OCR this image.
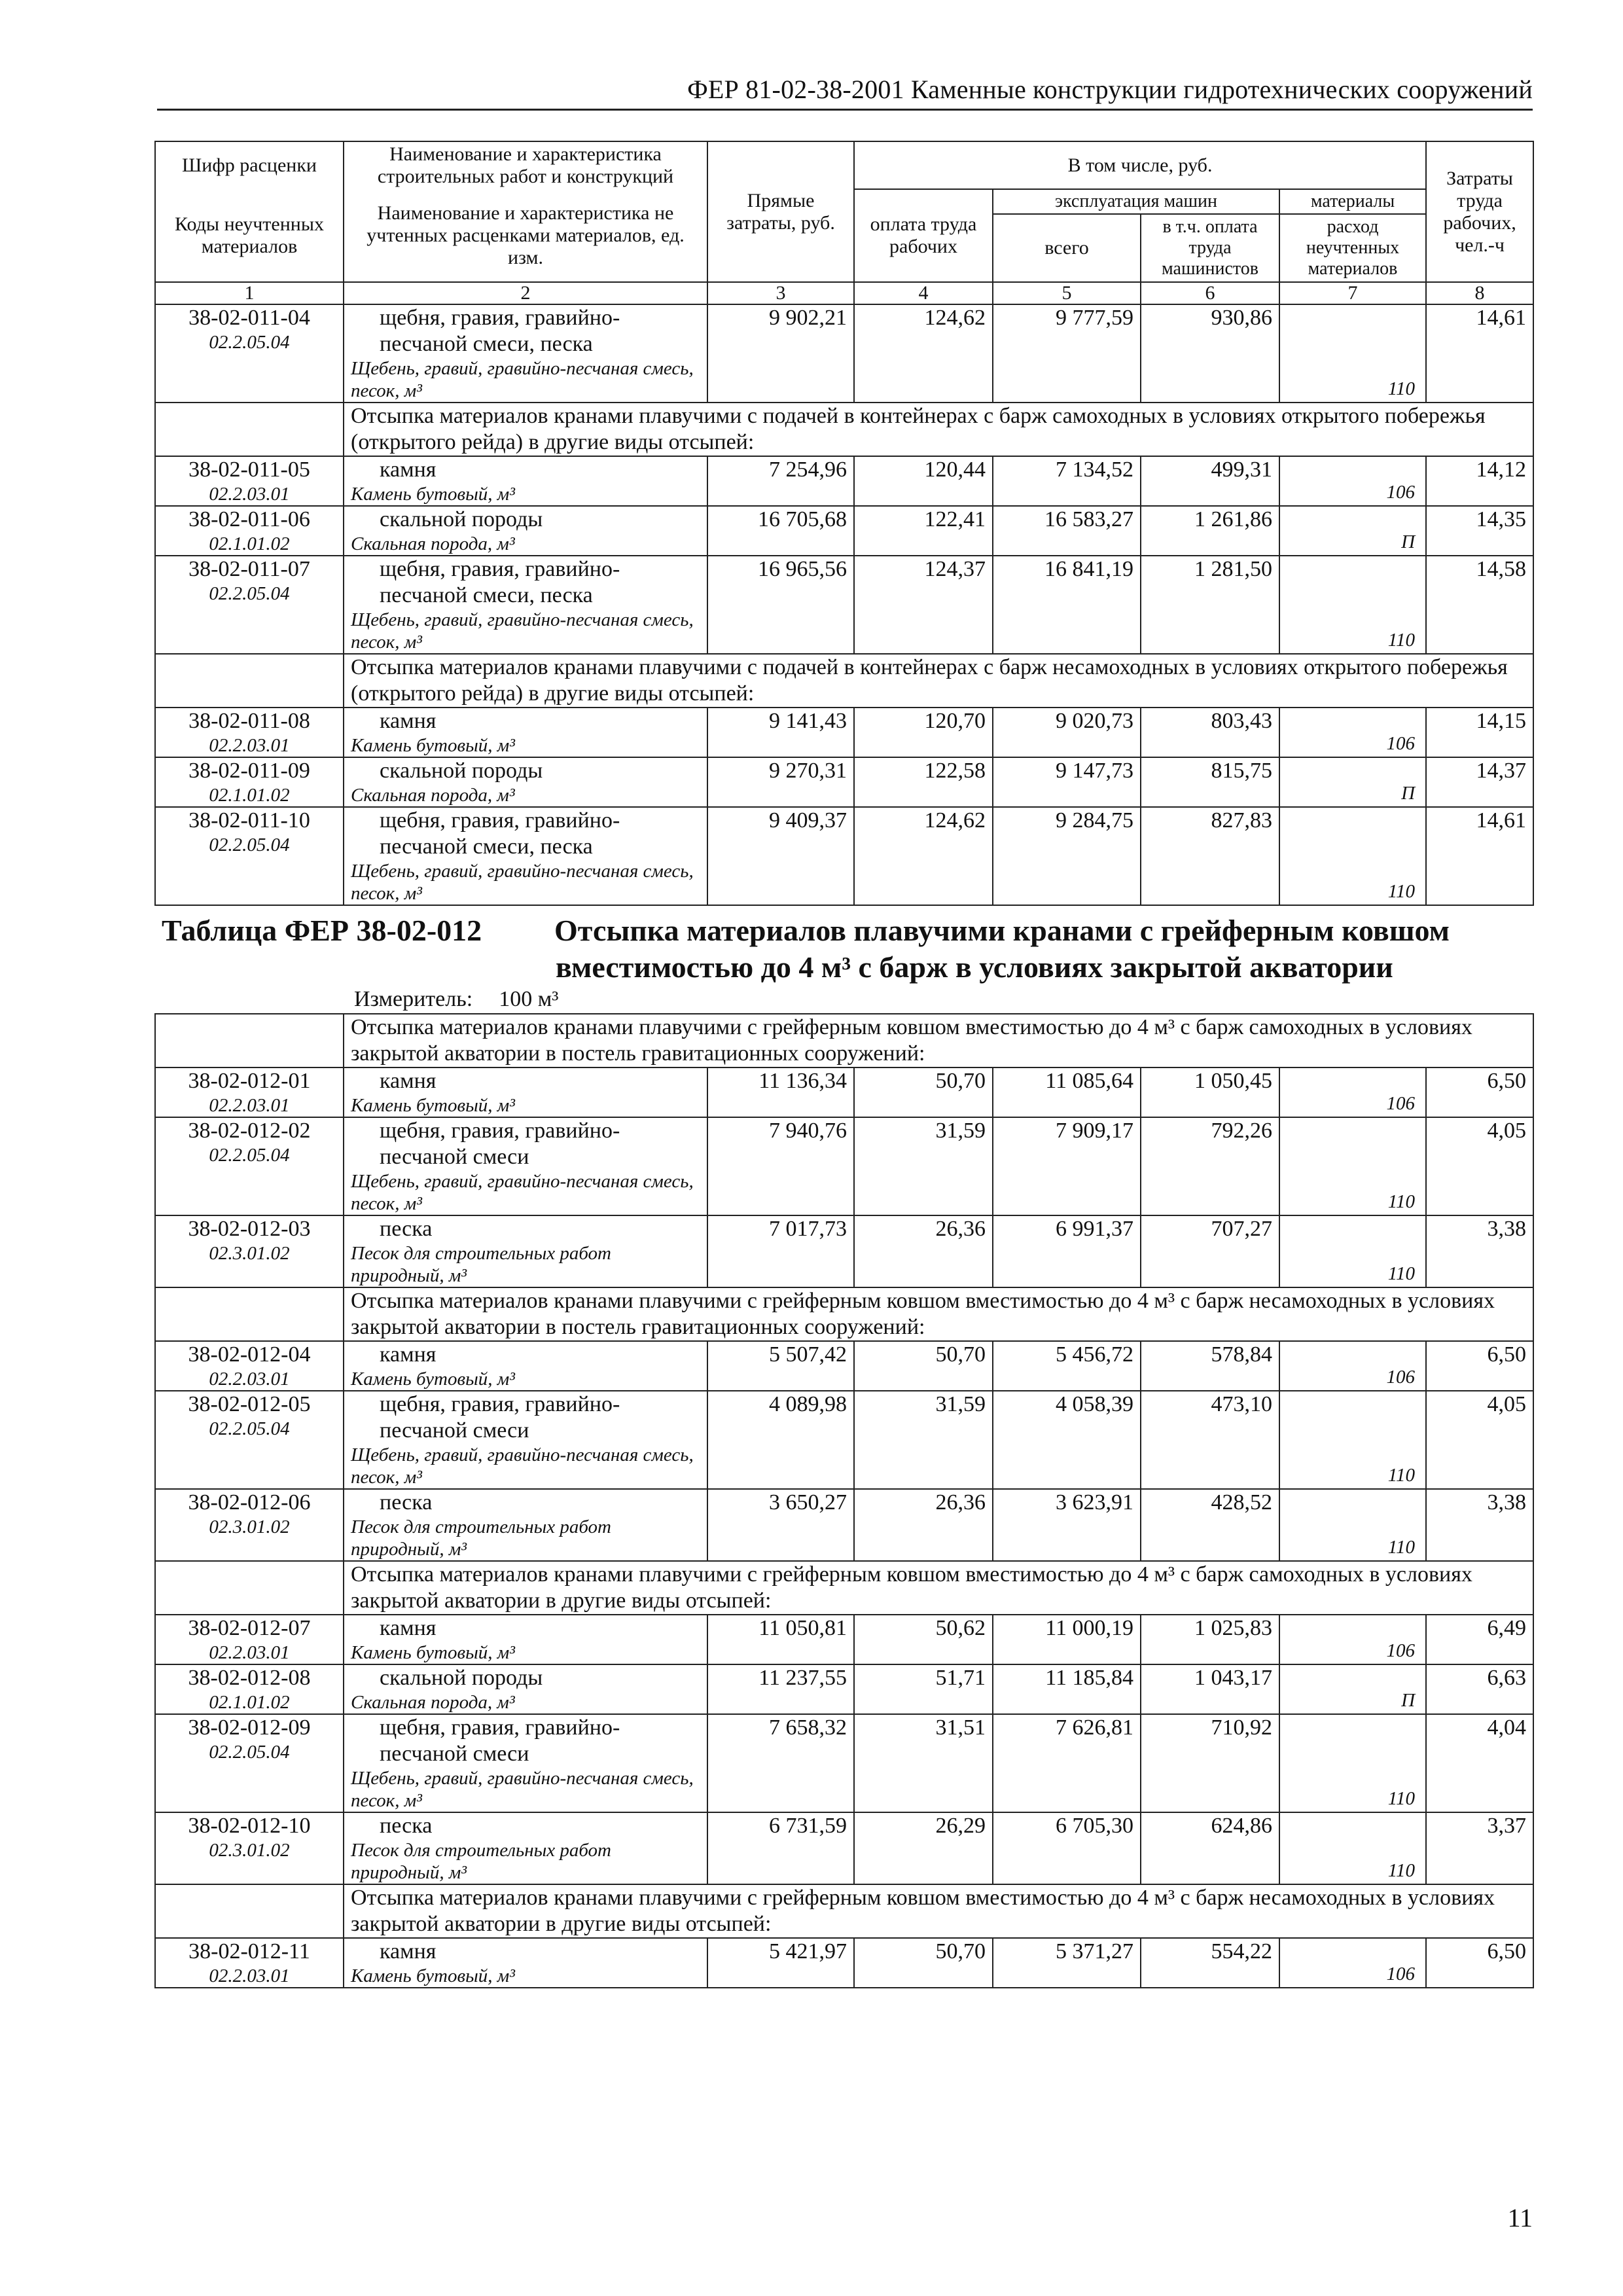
ФЕР 81-02-38-2001 Каменные конструкции гидротехнических сооружений
Шифр расценки	Наименование и характеристика строительных работ и конструкций	Прямые затраты, руб.	В том числе, руб.				Затраты труда рабочих, чел.-ч
Коды неучтенных материалов	Наименование и характеристика не учтенных расценками материалов, ед. изм.		оплата труда рабочих	эксплуатация машин		материалы	
				всего	в т.ч. оплата труда машинистов	расход неучтенных материалов	
1	2	3	4	5	6	7	8
38-02-011-04
02.2.05.04	щебня, гравия, гравийно-песчаной смеси, песка
Щебень, гравий, гравийно-песчаная смесь, песок, м³	9 902,21	124,62	9 777,59	930,86	110	14,61
	Отсыпка материалов кранами плавучими с подачей в контейнерах с барж самоходных в условиях открытого побережья (открытого рейда) в другие виды отсыпей:						
38-02-011-05
02.2.03.01	камня
Камень бутовый, м³	7 254,96	120,44	7 134,52	499,31	106	14,12
38-02-011-06
02.1.01.02	скальной породы
Скальная порода, м³	16 705,68	122,41	16 583,27	1 261,86	П	14,35
38-02-011-07
02.2.05.04	щебня, гравия, гравийно-песчаной смеси, песка
Щебень, гравий, гравийно-песчаная смесь, песок, м³	16 965,56	124,37	16 841,19	1 281,50	110	14,58
	Отсыпка материалов кранами плавучими с подачей в контейнерах с барж несамоходных в условиях открытого побережья (открытого рейда) в другие виды отсыпей:						
38-02-011-08
02.2.03.01	камня
Камень бутовый, м³	9 141,43	120,70	9 020,73	803,43	106	14,15
38-02-011-09
02.1.01.02	скальной породы
Скальная порода, м³	9 270,31	122,58	9 147,73	815,75	П	14,37
38-02-011-10
02.2.05.04	щебня, гравия, гравийно-песчаной смеси, песка
Щебень, гравий, гравийно-песчаная смесь, песок, м³	9 409,37	124,62	9 284,75	827,83	110	14,61

Таблица ФЕР 38-02-012 Отсыпка материалов плавучими кранами с грейферным ковшом
вместимостью до 4 м³ с барж в условиях закрытой акватории
Измеритель: 100 м³							

	Отсыпка материалов кранами плавучими с грейферным ковшом вместимостью до 4 м³ с барж самоходных в условиях закрытой акватории в постель гравитационных сооружений:						
38-02-012-01
02.2.03.01	камня
Камень бутовый, м³	11 136,34	50,70	11 085,64	1 050,45	106	6,50
38-02-012-02
02.2.05.04	щебня, гравия, гравийно-песчаной смеси
Щебень, гравий, гравийно-песчаная смесь, песок, м³	7 940,76	31,59	7 909,17	792,26	110	4,05
38-02-012-03
02.3.01.02	песка
Песок для строительных работ природный, м³	7 017,73	26,36	6 991,37	707,27	110	3,38
	Отсыпка материалов кранами плавучими с грейферным ковшом вместимостью до 4 м³ с барж несамоходных в условиях закрытой акватории в постель гравитационных сооружений:						
38-02-012-04
02.2.03.01	камня
Камень бутовый, м³	5 507,42	50,70	5 456,72	578,84	106	6,50
38-02-012-05
02.2.05.04	щебня, гравия, гравийно-песчаной смеси
Щебень, гравий, гравийно-песчаная смесь, песок, м³	4 089,98	31,59	4 058,39	473,10	110	4,05
38-02-012-06
02.3.01.02	песка
Песок для строительных работ природный, м³	3 650,27	26,36	3 623,91	428,52	110	3,38
	Отсыпка материалов кранами плавучими с грейферным ковшом вместимостью до 4 м³ с барж самоходных в условиях закрытой акватории в другие виды отсыпей:						
38-02-012-07
02.2.03.01	камня
Камень бутовый, м³	11 050,81	50,62	11 000,19	1 025,83	106	6,49
38-02-012-08
02.1.01.02	скальной породы
Скальная порода, м³	11 237,55	51,71	11 185,84	1 043,17	П	6,63
38-02-012-09
02.2.05.04	щебня, гравия, гравийно-песчаной смеси
Щебень, гравий, гравийно-песчаная смесь, песок, м³	7 658,32	31,51	7 626,81	710,92	110	4,04
38-02-012-10
02.3.01.02	песка
Песок для строительных работ природный, м³	6 731,59	26,29	6 705,30	624,86	110	3,37
	Отсыпка материалов кранами плавучими с грейферным ковшом вместимостью до 4 м³ с барж несамоходных в условиях закрытой акватории в другие виды отсыпей:						
38-02-012-11
02.2.03.01	камня
Камень бутовый, м³	5 421,97	50,70	5 371,27	554,22	106	6,50
11
